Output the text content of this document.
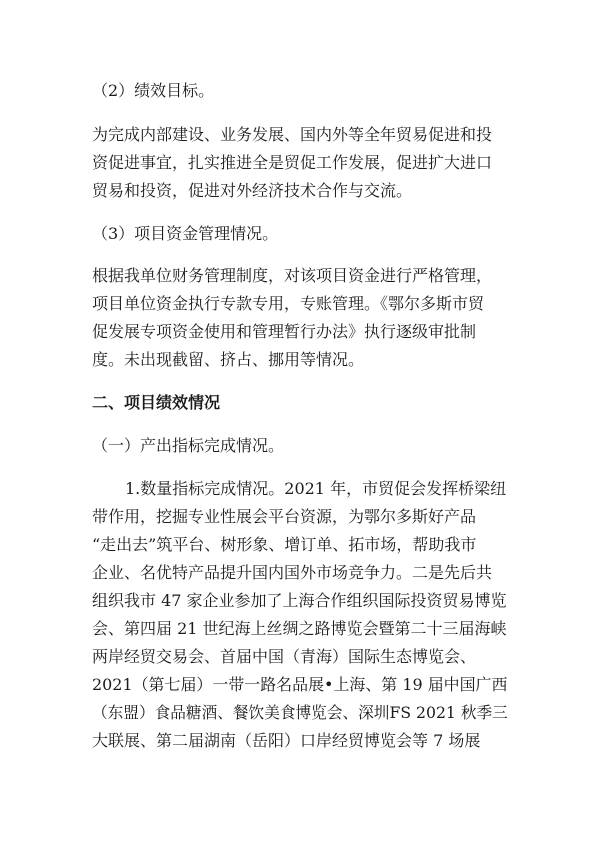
（2）绩效目标。

为完成内部建设、业务发展、国内外等全年贸易促进和投

资促进事宜，扎实推进全是贸促工作发展，促进扩大进口

贸易和投资，促进对外经济技术合作与交流。

（3）项目资金管理情况。

根据我单位财务管理制度，对该项目资金进行严格管理，

项目单位资金执行专款专用，专账管理。《鄂尔多斯市贸

促发展专项资金使用和管理暂行办法》执行逐级审批制

度。未出现截留、挤占、挪用等情况。

二、项目绩效情况

（一）产出指标完成情况。

1.数量指标完成情况。2021 年，市贸促会发挥桥梁纽

带作用，挖掘专业性展会平台资源，为鄂尔多斯好产品

“走出去”筑平台、树形象、增订单、拓市场，帮助我市

企业、名优特产品提升国内国外市场竞争力。二是先后共

组织我市 47 家企业参加了上海合作组织国际投资贸易博览

会、第四届 21 世纪海上丝绸之路博览会暨第二十三届海峡

两岸经贸交易会、首届中国（青海）国际生态博览会、

2021（第七届）一带一路名品展•上海、第 19 届中国广西

（东盟）食品糖酒、餐饮美食博览会、深圳FS 2021 秋季三

大联展、第二届湖南（岳阳）口岸经贸博览会等 7 场展
